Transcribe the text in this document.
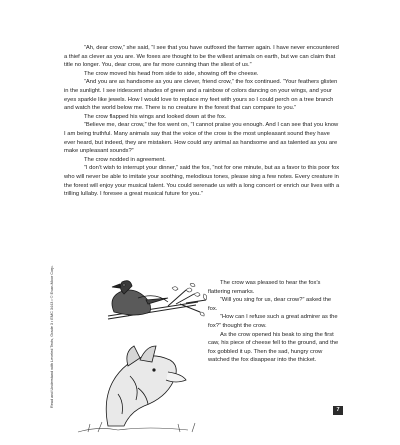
“Ah, dear crow,” she said, “I see that you have outfoxed the farmer again. I have never encountered a thief as clever as you are. We foxes are thought to be the wiliest animals on earth, but we can claim that title no longer. You, dear crow, are far more cunning than the sliest of us.”

The crow moved his head from side to side, showing off the cheese.

“And you are as handsome as you are clever, friend crow,” the fox continued. “Your feathers glisten in the sunlight. I see iridescent shades of green and a rainbow of colors dancing on your wings, and your eyes sparkle like jewels. How I would love to replace my feet with yours so I could perch on a tree branch and watch the world below me. There is no creature in the forest that can compare to you.”

The crow flapped his wings and looked down at the fox.

“Believe me, dear crow,” the fox went on, “I cannot praise you enough. And I can see that you know I am being truthful. Many animals say that the voice of the crow is the most unpleasant sound they have ever heard, but indeed, they are mistaken. How could any animal as handsome and as talented as you are make unpleasant sounds?”

The crow nodded in agreement.

“I don’t wish to interrupt your dinner,” said the fox, “not for one minute, but as a favor to this poor fox who will never be able to imitate your soothing, melodious tones, please sing a few notes. Every creature in the forest will enjoy your musical talent. You could serenade us with a long concert or enrich our lives with a trilling lullaby. I foresee a great musical future for you.”

The crow was pleased to hear the fox’s flattering remarks.

“Will you sing for us, dear crow?” asked the fox.

“How can I refuse such a great admirer as the fox?” thought the crow.

As the crow opened his beak to sing the first caw, his piece of cheese fell to the ground, and the fox gobbled it up. Then the sad, hungry crow watched the fox disappear into the thicket.

Read and Understand with Leveled Texts, Grade 3 • EMC 3443 • © Evan-Moor Corp.
7
